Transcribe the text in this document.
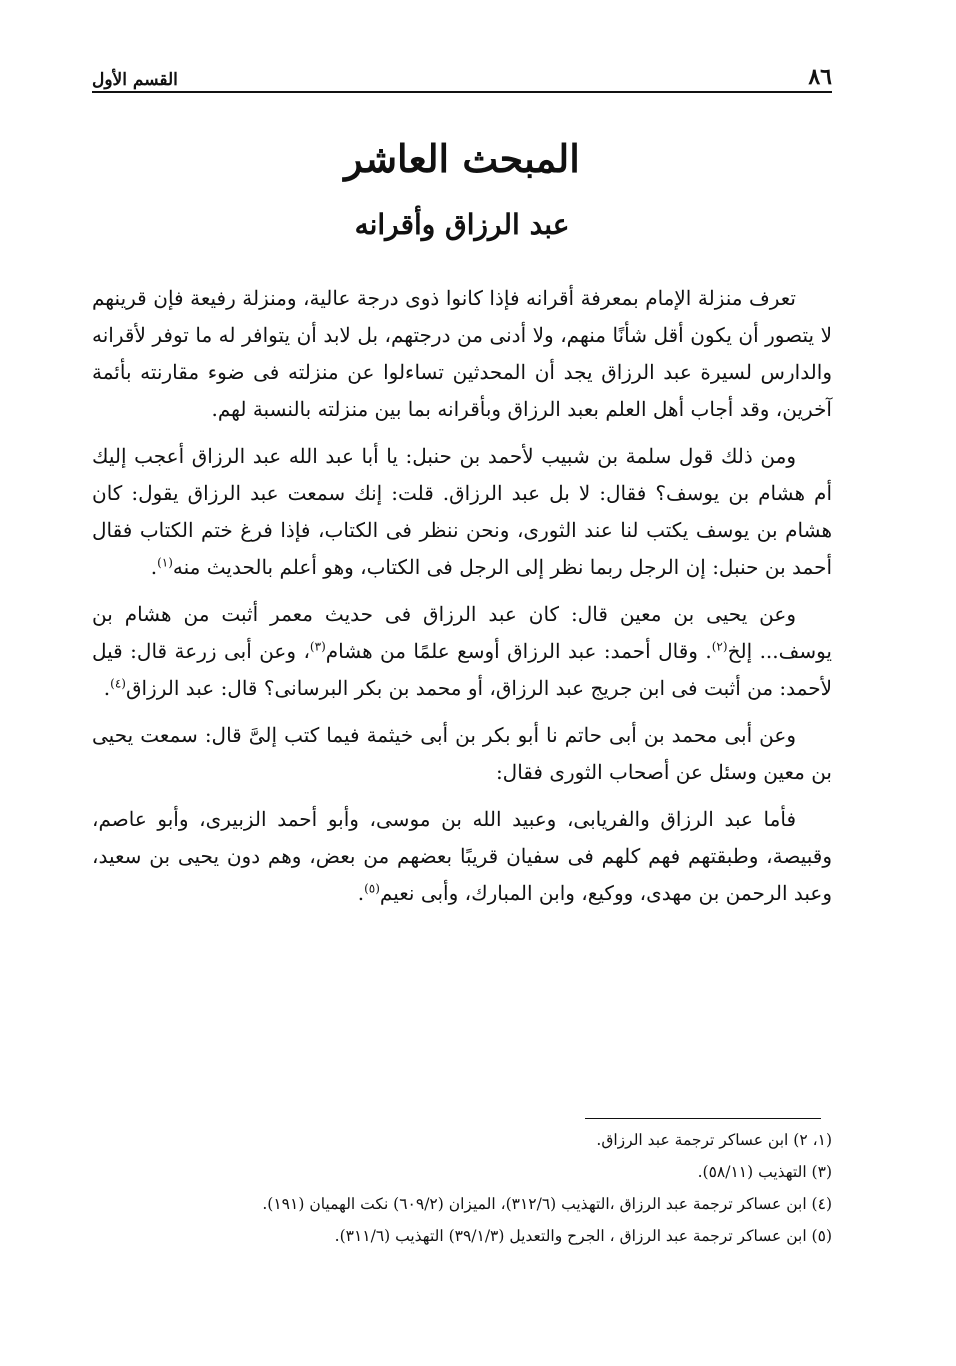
٨٦
القسم الأول
المبحث العاشر
عبد الرزاق وأقرانه

تعرف منزلة الإمام بمعرفة أقرانه فإذا كانوا ذوى درجة عالية، ومنزلة رفيعة فإن قرينهم لا يتصور أن يكون أقل شأنًا منهم، ولا أدنى من درجتهم، بل لابد أن يتوافر له ما توفر لأقرانه والدارس لسيرة عبد الرزاق يجد أن المحدثين تساءلوا عن منزلته فى ضوء مقارنته بأئمة آخرين، وقد أجاب أهل العلم بعبد الرزاق وبأقرانه بما بين منزلته بالنسبة لهم.

ومن ذلك قول سلمة بن شبيب لأحمد بن حنبل: يا أبا عبد الله عبد الرزاق أعجب إليك أم هشام بن يوسف؟ فقال: لا بل عبد الرزاق. قلت: إنك سمعت عبد الرزاق يقول: كان هشام بن يوسف يكتب لنا عند الثورى، ونحن ننظر فى الكتاب، فإذا فرغ ختم الكتاب فقال أحمد بن حنبل: إن الرجل ربما نظر إلى الرجل فى الكتاب، وهو أعلم بالحديث منه$^{(١)}$.

وعن يحيى بن معين قال: كان عبد الرزاق فى حديث معمر أثبت من هشام بن يوسف... إلخ$^{(٢)}$. وقال أحمد: عبد الرزاق أوسع علمًا من هشام$^{(٣)}$، وعن أبى زرعة قال: قيل لأحمد: من أثبت فى ابن جريج عبد الرزاق، أو محمد بن بكر البرسانى؟ قال: عبد الرزاق$^{(٤)}$.

وعن أبى محمد بن أبى حاتم نا أبو بكر بن أبى خيثمة فيما كتب إلىَّ قال: سمعت يحيى بن معين وسئل عن أصحاب الثورى فقال:

فأما عبد الرزاق والفريابى، وعبيد الله بن موسى، وأبو أحمد الزبيرى، وأبو عاصم، وقبيصة، وطبقتهم فهم كلهم فى سفيان قريبًا بعضهم من بعض، وهم دون يحيى بن سعيد، وعبد الرحمن بن مهدى، ووكيع، وابن المبارك، وأبى نعيم$^{(٥)}$.

(١، ٢) ابن عساكر ترجمة عبد الرزاق.

(٣) التهذيب (٥٨/١١).

(٤) ابن عساكر ترجمة عبد الرزاق ،التهذيب (٣١٢/٦)، الميزان (٦٠٩/٢) نكت الهميان (١٩١).

(٥) ابن عساكر ترجمة عبد الرزاق ، الجرح والتعديل (٣٩/١/٣) التهذيب (٣١١/٦).
